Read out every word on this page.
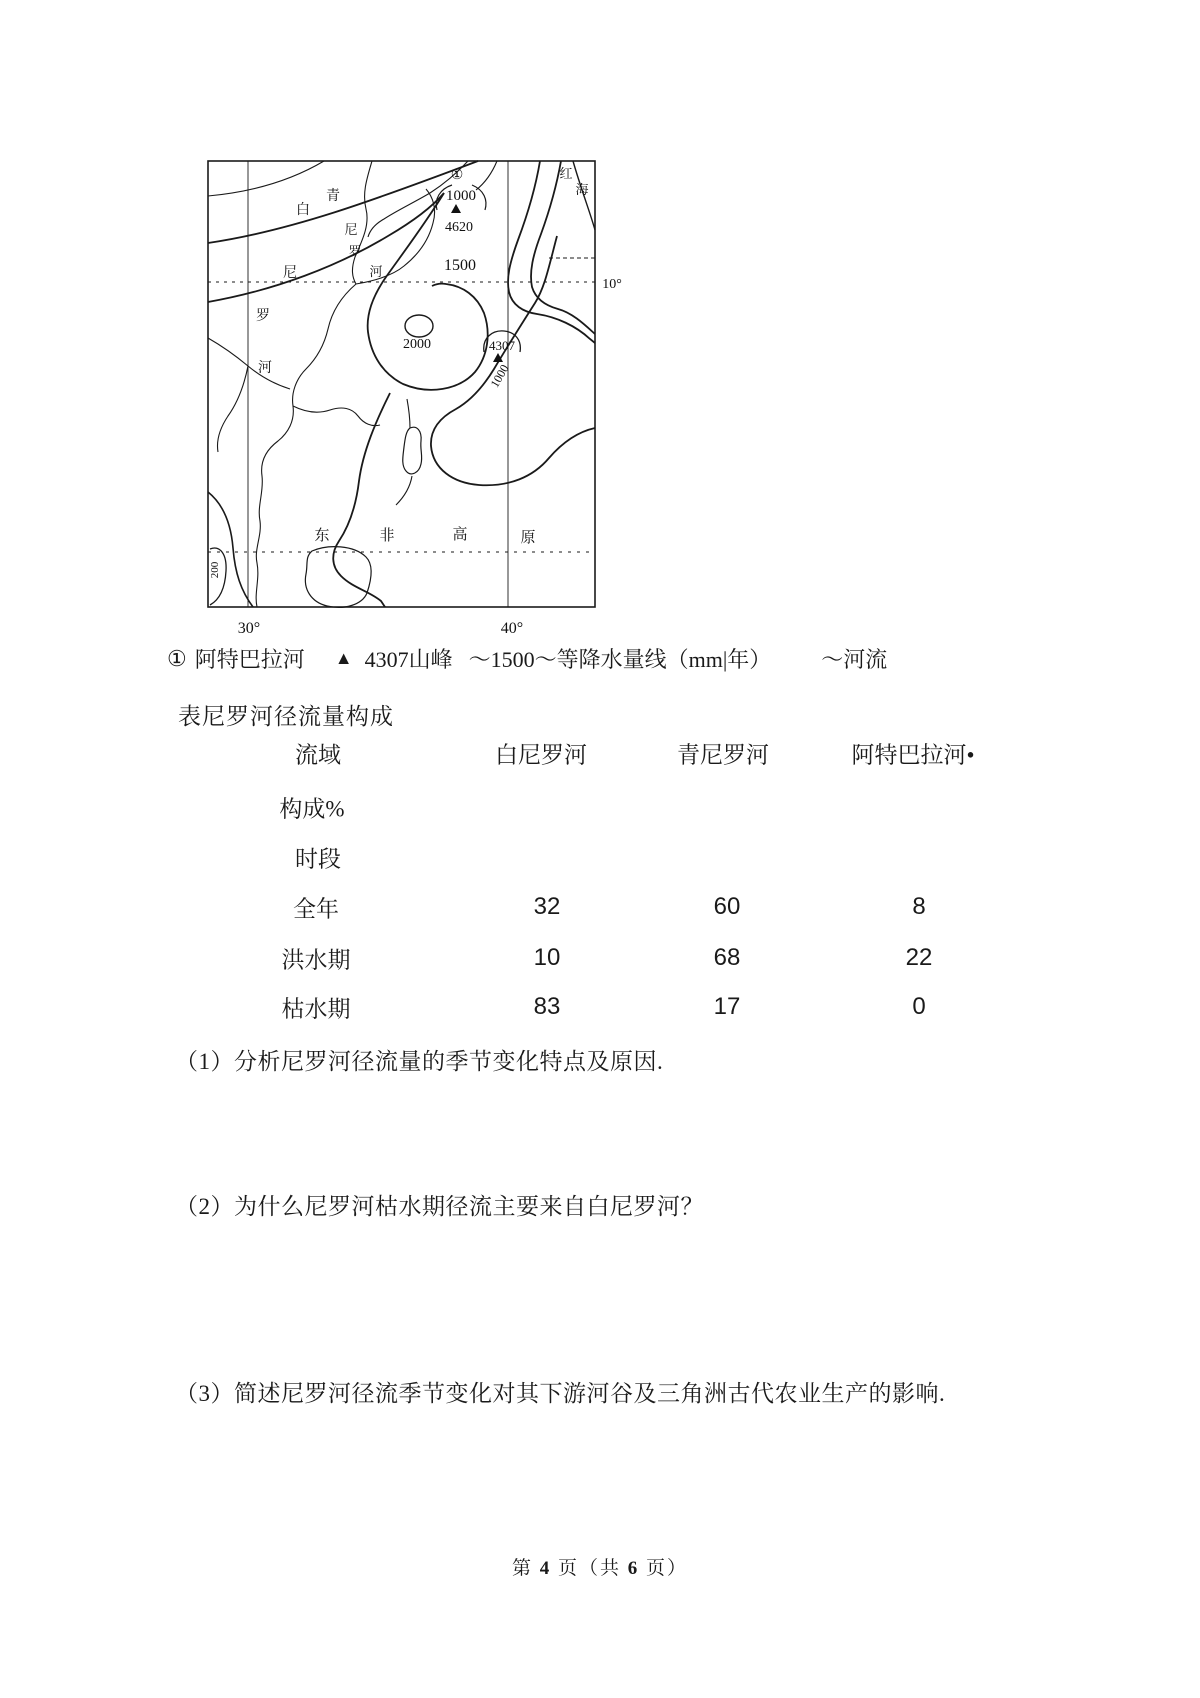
①
1000
4620
1500
2000	4307
1000
200
红
海
白
尼
罗
河
青
尼
罗
河
东	非	高	原
10°
30°	40°
① 阿特巴拉河 ▲ 4307山峰 ～1500～等降水量线（mm|年） ～河流
表尼罗河径流量构成
流域	白尼罗河	青尼罗河	阿特巴拉河•
构成%
时段
全年	32	60	8
洪水期	10	68	22
枯水期	83	17	0
（1）分析尼罗河径流量的季节变化特点及原因.
（2）为什么尼罗河枯水期径流主要来自白尼罗河？
（3）简述尼罗河径流季节变化对其下游河谷及三角洲古代农业生产的影响.
第 4 页（共 6 页）
